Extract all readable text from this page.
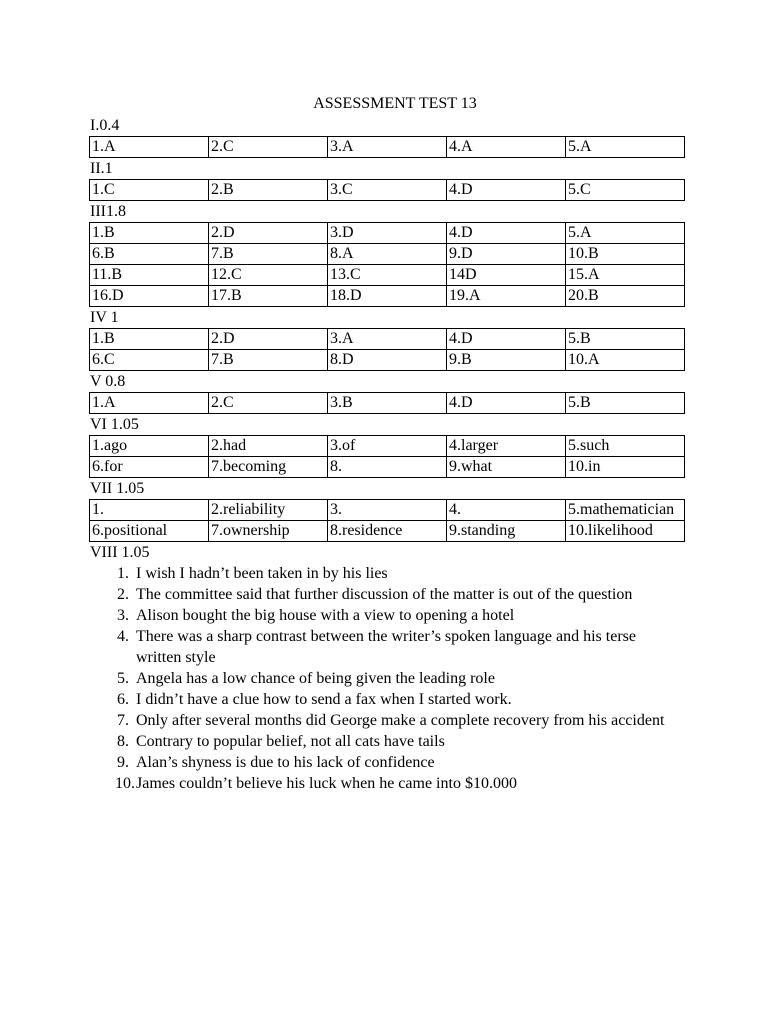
ASSESSMENT TEST 13
I.0.4
1.A	2.C	3.A	4.A	5.A
II.1
1.C	2.B	3.C	4.D	5.C
III1.8
1.B	2.D	3.D	4.D	5.A
6.B	7.B	8.A	9.D	10.B
11.B	12.C	13.C	14D	15.A
16.D	17.B	18.D	19.A	20.B
IV 1
1.B	2.D	3.A	4.D	5.B
6.C	7.B	8.D	9.B	10.A
V 0.8
1.A	2.C	3.B	4.D	5.B
VI 1.05
1.ago	2.had	3.of	4.larger	5.such
6.for	7.becoming	8.	9.what	10.in
VII 1.05
1.	2.reliability	3.	4.	5.mathematician
6.positional	7.ownership	8.residence	9.standing	10.likelihood
VIII 1.05
1. I wish I hadn’t been taken in by his lies
2. The committee said that further discussion of the matter is out of the question
3. Alison bought the big house with a view to opening a hotel
4. There was a sharp contrast between the writer’s spoken language and his terse written style
5. Angela has a low chance of being given the leading role
6. I didn’t have a clue how to send a fax when I started work.
7. Only after several months did George make a complete recovery from his accident
8. Contrary to popular belief, not all cats have tails
9. Alan’s shyness is due to his lack of confidence
10. James couldn’t believe his luck when he came into $10.000
